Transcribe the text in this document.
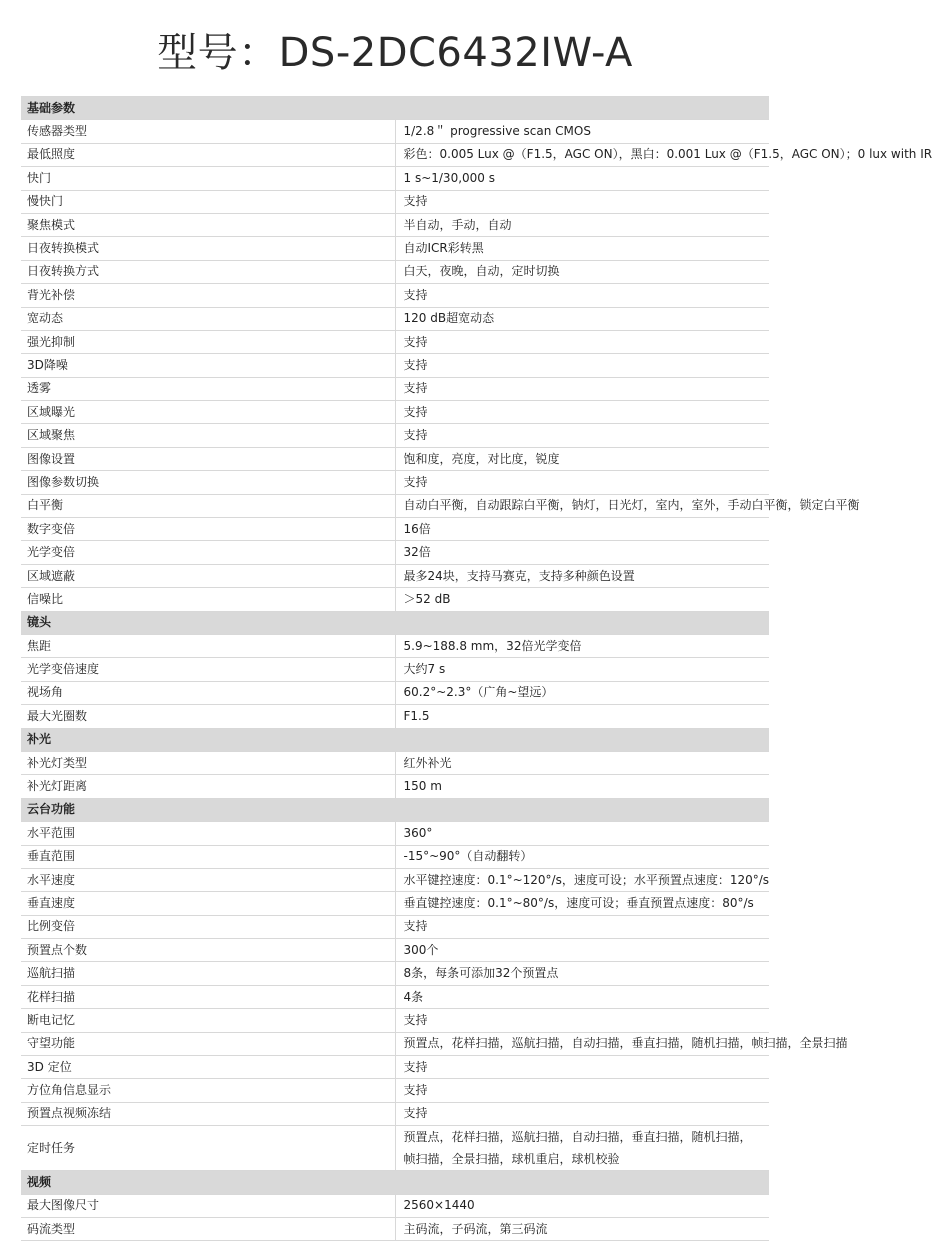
型号：DS-2DC6432IW-A
基础参数	
传感器类型	1/2.8＂ progressive scan CMOS
最低照度	彩色：0.005 Lux @（F1.5，AGC ON），黑白：0.001 Lux @（F1.5，AGC ON）；0 lux with IR
快门	1 s~1/30,000 s
慢快门	支持
聚焦模式	半自动，手动，自动
日夜转换模式	自动ICR彩转黑
日夜转换方式	白天，夜晚，自动，定时切换
背光补偿	支持
宽动态	120 dB超宽动态
强光抑制	支持
3D降噪	支持
透雾	支持
区域曝光	支持
区域聚焦	支持
图像设置	饱和度，亮度，对比度，锐度
图像参数切换	支持
白平衡	自动白平衡，自动跟踪白平衡，钠灯，日光灯，室内，室外，手动白平衡，锁定白平衡
数字变倍	16倍
光学变倍	32倍
区域遮蔽	最多24块，支持马赛克，支持多种颜色设置
信噪比	＞52 dB
镜头	
焦距	5.9~188.8 mm，32倍光学变倍
光学变倍速度	大约7 s
视场角	60.2°~2.3°（广角~望远）
最大光圈数	F1.5
补光	
补光灯类型	红外补光
补光灯距离	150 m
云台功能	
水平范围	360°
垂直范围	-15°~90°（自动翻转）
水平速度	水平键控速度：0.1°~120°/s，速度可设；水平预置点速度：120°/s
垂直速度	垂直键控速度：0.1°~80°/s，速度可设；垂直预置点速度：80°/s
比例变倍	支持
预置点个数	300个
巡航扫描	8条，每条可添加32个预置点
花样扫描	4条
断电记忆	支持
守望功能	预置点，花样扫描，巡航扫描，自动扫描，垂直扫描，随机扫描，帧扫描，全景扫描
3D 定位	支持
方位角信息显示	支持
预置点视频冻结	支持
定时任务	预置点，花样扫描，巡航扫描，自动扫描，垂直扫描，随机扫描，帧扫描，全景扫描，球机重启，球机校验
视频	
最大图像尺寸	2560×1440
码流类型	主码流，子码流，第三码流
